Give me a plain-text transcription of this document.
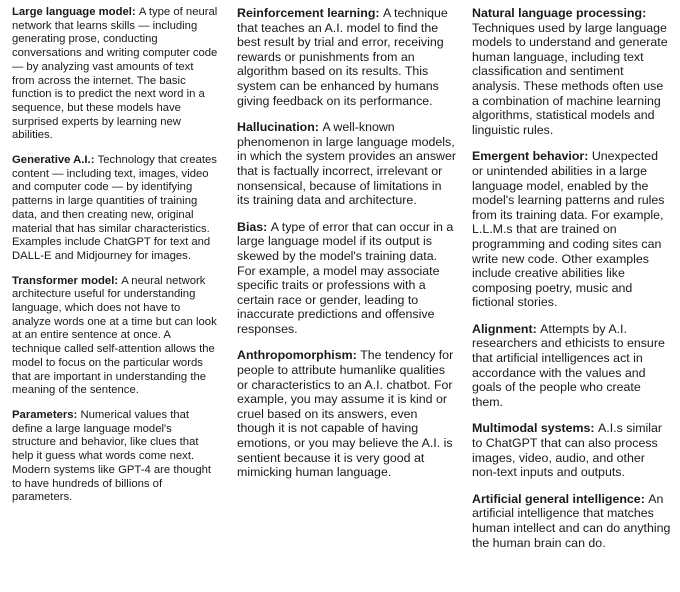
Large language model: A type of neural network that learns skills — including generating prose, conducting conversations and writing computer code — by analyzing vast amounts of text from across the internet. The basic function is to predict the next word in a sequence, but these models have surprised experts by learning new abilities.

Generative A.I.: Technology that creates content — including text, images, video and computer code — by identifying patterns in large quantities of training data, and then creating new, original material that has similar characteristics. Examples include ChatGPT for text and DALL-E and Midjourney for images.

Transformer model: A neural network architecture useful for understanding language, which does not have to analyze words one at a time but can look at an entire sentence at once. A technique called self-attention allows the model to focus on the particular words that are important in understanding the meaning of the sentence.

Parameters: Numerical values that define a large language model's structure and behavior, like clues that help it guess what words come next. Modern systems like GPT-4 are thought to have hundreds of billions of parameters.

Reinforcement learning: A technique that teaches an A.I. model to find the best result by trial and error, receiving rewards or punishments from an algorithm based on its results. This system can be enhanced by humans giving feedback on its performance.

Hallucination: A well-known phenomenon in large language models, in which the system provides an answer that is factually incorrect, irrelevant or nonsensical, because of limitations in its training data and architecture.

Bias: A type of error that can occur in a large language model if its output is skewed by the model's training data. For example, a model may associate specific traits or professions with a certain race or gender, leading to inaccurate predictions and offensive responses.

Anthropomorphism: The tendency for people to attribute humanlike qualities or characteristics to an A.I. chatbot. For example, you may assume it is kind or cruel based on its answers, even though it is not capable of having emotions, or you may believe the A.I. is sentient because it is very good at mimicking human language.

Natural language processing:Techniques used by large language models to understand and generate human language, including text classification and sentiment analysis. These methods often use a combination of machine learning algorithms, statistical models and linguistic rules.

Emergent behavior: Unexpected or unintended abilities in a large language model, enabled by the model's learning patterns and rules from its training data. For example, L.L.M.s that are trained on programming and coding sites can write new code. Other examples include creative abilities like composing poetry, music and fictional stories.

Alignment: Attempts by A.I. researchers and ethicists to ensure that artificial intelligences act in accordance with the values and goals of the people who create them.

Multimodal systems: A.I.s similar to ChatGPT that can also process images, video, audio, and other non-text inputs and outputs.

Artificial general intelligence: An artificial intelligence that matches human intellect and can do anything the human brain can do.
